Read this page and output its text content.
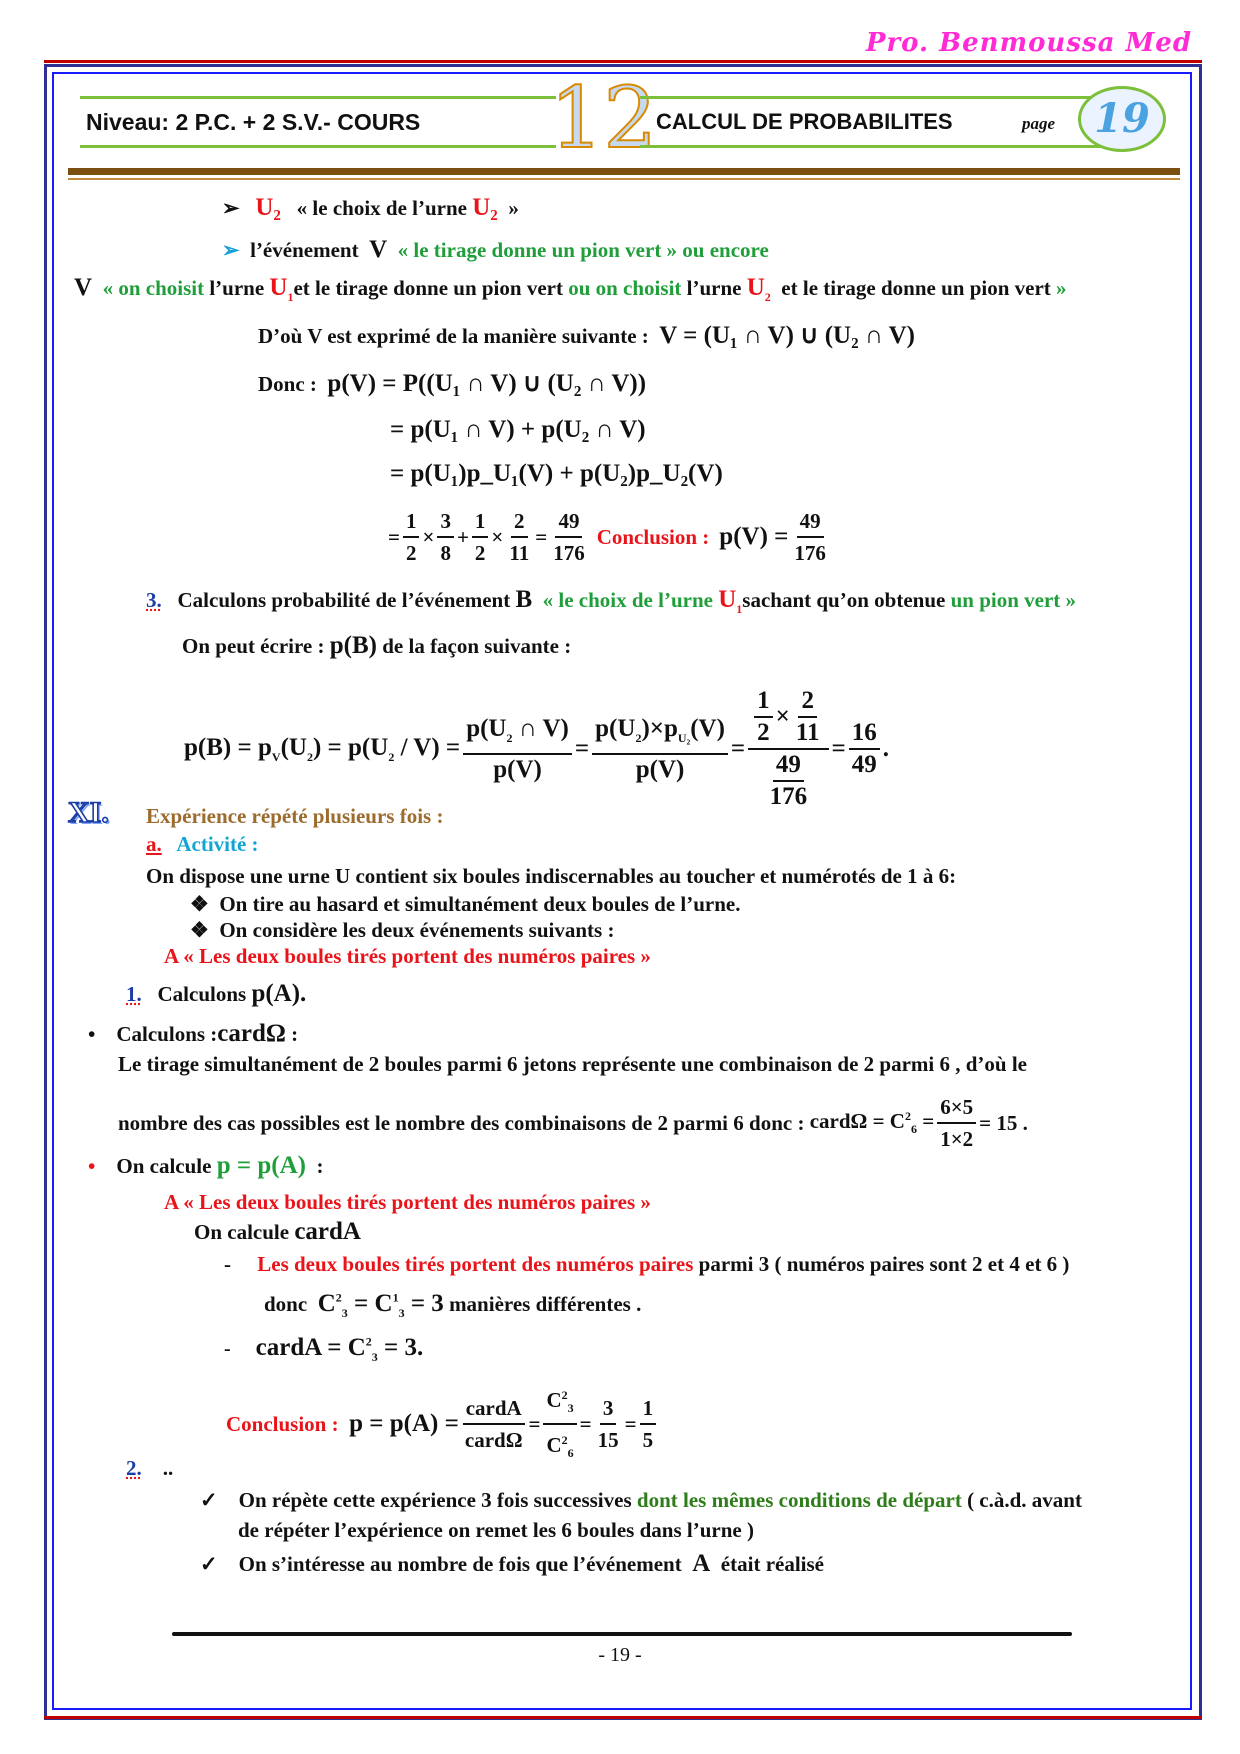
Pro. Benmoussa Med
Niveau: 2 P.C. + 2 S.V.- COURS	12 CALCUL DE PROBABILITES	page 19
➢ U₂ « le choix de l’urne U₂ »
➢ l’événement V « le tirage donne un pion vert » ou encore
V « on choisit l’urne $U_1et$ le tirage donne un pion vert ou on choisit l’urne $U_2$ et le tirage donne un pion vert »
D’où V est exprimé de la manière suivante : V = (U₁ ∩ V) ∪ (U₂ ∩ V)
Donc : p(V) = P((U₁ ∩ V) ∪ (U₂ ∩ V))
= p(U₁ ∩ V) + p(U₂ ∩ V)
= p(U₁)p_U₁(V) + p(U₂)p_U₂(V)
= $\frac{1}{2} \times \frac{3}{8} + \frac{1}{2} \times \frac{2}{11} = \frac{49}{176}$ Conclusion : $p(V) = \frac{49}{176}$
3. Calculons probabilité de l’événement B « le choix de l’urne $U_1sachant$ qu’on obtenue un pion vert »
On peut écrire : p(B) de la façon suivante :
$p(B) = p_V(U_2) = p(U_2 / V) = \frac{p(U_2 \cap V)}{p(V)} = \frac{p(U_2)\times p_{U_2}(V)}{p(V)} = \frac{\frac{1}{2} \times \frac{2}{11}}{\frac{49}{176}} = \frac{16}{49}$ .
XI. Expérience répété plusieurs fois :
a. Activité :
On dispose une urne U contient six boules indiscernables au toucher et numérotés de 1 à 6:
❖ On tire au hasard et simultanément deux boules de l’urne.
❖ On considère les deux événements suivants :
A « Les deux boules tirés portent des numéros paires »
1. Calculons p(A).
• Calculons :cardΩ :
Le tirage simultanément de 2 boules parmi 6 jetons représente une combinaison de 2 parmi 6 , d’où le
nombre des cas possibles est le nombre des combinaisons de 2 parmi 6 donc :
cardΩ = $C^2_6 = \frac{6\times 5}{1\times 2} = 15$ .
• On calcule p = p(A) :
A « Les deux boules tirés portent des numéros paires »
On calcule cardA
- Les deux boules tirés portent des numéros paires parmi 3 ( numéros paires sont 2 et 4 et 6 )
donc $C^2_3 = C^1_3 = 3$ manières différentes .
-    cardA = $C^2_3 = 3$.
Conclusion :
$p = p(A) = \frac{\text{cardA}}{\text{cardΩ}} = \frac{C^2_3}{C^2_6} = \frac{3}{15} = \frac{1}{5}$
2. ..
✓ On répète cette expérience 3 fois successives dont les mêmes conditions de départ ( c.à.d. avant
de répéter l’expérience on remet les 6 boules dans l’urne )
✓ On s’intéresse au nombre de fois que l’événement A était réalisé
- 19 -
